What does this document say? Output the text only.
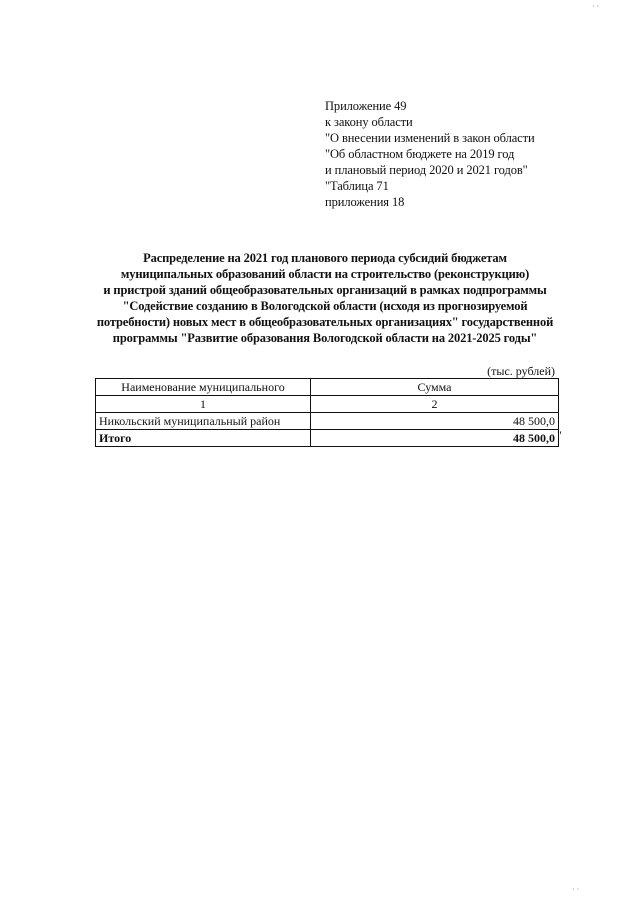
Приложение 49
к закону области
"О внесении изменений в закон области
"Об областном бюджете на 2019 год
и плановый период 2020 и 2021 годов"
"Таблица 71
приложения 18
Распределение на 2021 год планового периода субсидий бюджетам
муниципальных образований области на строительство (реконструкцию)
и пристрой зданий общеобразовательных организаций в рамках подпрограммы
"Содействие созданию в Вологодской области (исходя из прогнозируемой
потребности) новых мест в общеобразовательных организациях" государственной
программы "Развитие образования Вологодской области на 2021-2025 годы"
(тыс. рублей)
Наименование муниципального	Сумма
1	2
Никольский муниципальный район	48 500,0
Итого	48 500,0 "
· ·
· ·
